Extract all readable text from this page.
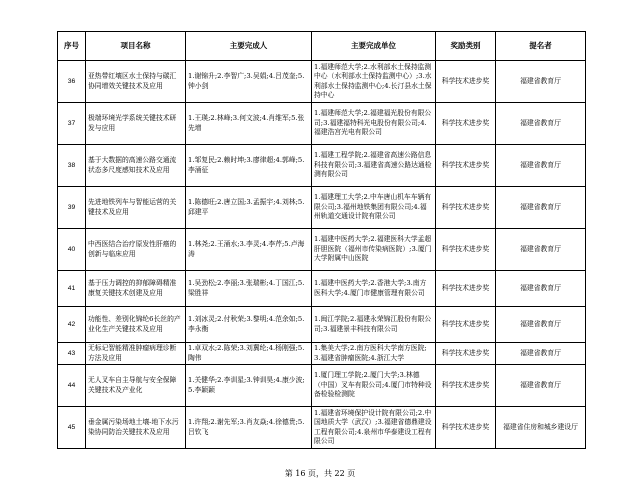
序号	项目名称	主要完成人	主要完成单位	奖励类别	提名者
36	亚热带红壤区水土保持与碳汇协同增效关键技术及应用	1.谢锦升;2.李智广;3.吴娟;4.吕茂奎;5.钟小剑	1.福建师范大学;2.水利部水土保持监测中心（水利部水土保持监测中心）;3.水利部水土保持监测中心;4.长汀县水土保持中心	科学技术进步奖	福建省教育厅
37	极端环境光学系统关键技术研发与应用	1.王瑛;2.林峰;3.何文波;4.肖维军;5.张先增	1.福建师范大学;2.福建福光股份有限公司;3.福建福特科光电股份有限公司;4.福建浩宫光电有限公司	科学技术进步奖	福建省教育厅
38	基于大数据的高速公路交通流状态多尺度感知技术及应用	1.邹复民;2.赖时坤;3.廖律超;4.郭峰;5.李涌征	1.福建工程学院;2.福建省高速公路信息科技有限公司;3.福建省高速公路达通检测有限公司	科学技术进步奖	福建省教育厅
39	先进地铁列车与智能运营的关键技术及应用	1.陈德旺;2.唐立国;3.孟振宇;4.刘林;5.邱建平	1.福建理工大学;2.中车唐山机车车辆有限公司;3.福州地铁集团有限公司;4.福州轨道交通设计院有限公司	科学技术进步奖	福建省教育厅
40	中西医结合治疗原发性肝癌的创新与临床应用	1.林尧;2.王涌水;3.李灵;4.李芹;5.卢海涛	1.福建中医药大学;2.福建医科大学孟超肝胆医院（福州市传染病医院）;3.厦门大学附属中山医院	科学技术进步奖	福建省教育厅
41	基于压力调控的抑郁障碍精准康复关键技术创建及应用	1.吴劲松;2.李丽;3.张瑞彬;4.丁国江;5.梁胜祥	1.福建中医药大学;2.香港大学;3.南方医科大学;4.厦门市健康管理有限公司	科学技术进步奖	福建省教育厅
42	功能性、差别化锦纶6长丝的产业化生产关键技术及应用	1.刘冰灵;2.付秋荣;3.黎明;4.范余如;5.李永衡	1.闽江学院;2.福建永荣锦江股份有限公司;3.福建景丰科技有限公司	科学技术进步奖	福建省教育厅
43	无标记智能精准肿瘤病理诊断方法及应用	1.卓双水;2.陈荣;3.刘冀纶;4.杨刚强;5.陶伟	1.集美大学;2.南方医科大学南方医院;3.福建省肿瘤医院;4.浙江大学	科学技术进步奖	福建省教育厅
44	无人叉车自主导航与安全保障关键技术及产业化	1.关健华;2.李训星;3.钟训昊;4.康少波;5.李颖颖	1.厦门理工学院;2.厦门大学;3.林德（中国）叉车有限公司;4.厦门市特种设备检验检测院	科学技术进步奖	福建省教育厅
45	垂金属污染场地土壤-地下水污染协同防治关键技术及应用	1.许翔;2.谢先军;3.肖友焱;4.徐德贵;5.吕钦飞	1.福建省环境保护设计院有限公司;2.中国地质大学（武汉）;3.福建省德鼎建设工程有限公司;4.泉州市华泰建设工程有限公司	科学技术进步奖	福建省住房和城乡建设厅
第 16 页，共 22 页
